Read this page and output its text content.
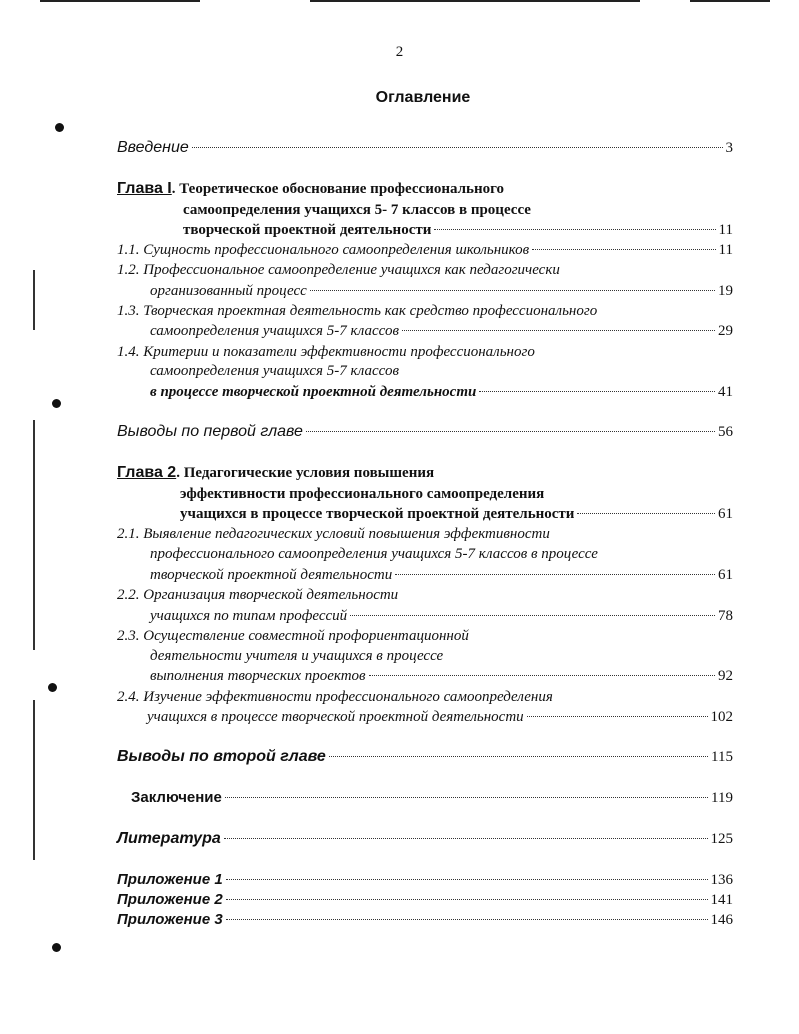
2
Оглавление
Введение	3
Глава I. Теоретическое обоснование профессионального
самоопределения учащихся 5- 7 классов в процессе
творческой проектной деятельности	11
1.1. Сущность профессионального самоопределения школьников	11
1.2. Профессиональное самоопределение учащихся как педагогически
организованный процесс	19
1.3. Творческая проектная деятельность как средство профессионального
самоопределения учащихся 5-7 классов	29
1.4. Критерии и показатели эффективности профессионального
самоопределения учащихся 5-7 классов
в процессе творческой проектной деятельности	41
Выводы по первой главе	56
Глава 2. Педагогические условия повышения
эффективности профессионального самоопределения
учащихся в процессе творческой проектной деятельности	61
2.1. Выявление педагогических условий повышения эффективности
профессионального самоопределения учащихся 5-7 классов в процессе
творческой проектной деятельности	61
2.2. Организация творческой деятельности
учащихся по типам профессий	78
2.3. Осуществление совместной профориентационной
деятельности учителя и учащихся в процессе
выполнения творческих проектов	92
2.4. Изучение эффективности профессионального самоопределения
учащихся в процессе творческой проектной деятельности	102
Выводы по второй главе	115
Заключение	119
Литература	125
Приложение 1	136
Приложение 2	141
Приложение 3	146
